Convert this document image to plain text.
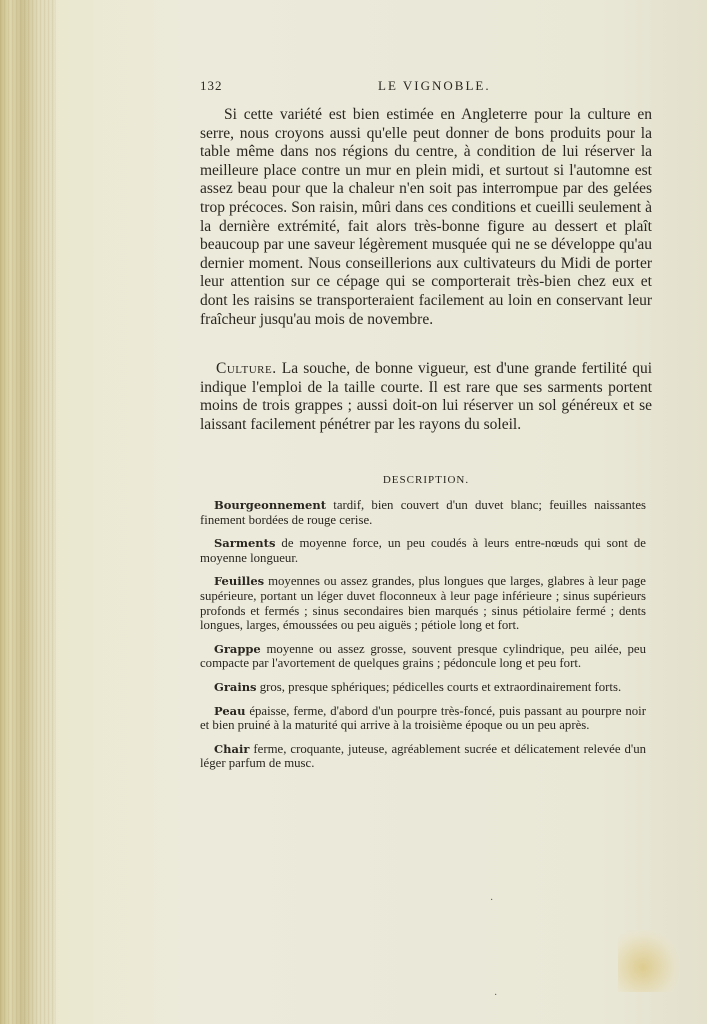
132	LE VIGNOBLE.

Si cette variété est bien estimée en Angleterre pour la culture en serre, nous croyons aussi qu'elle peut donner de bons produits pour la table même dans nos régions du centre, à condition de lui réserver la meilleure place contre un mur en plein midi, et surtout si l'automne est assez beau pour que la chaleur n'en soit pas interrompue par des gelées trop précoces. Son raisin, mûri dans ces conditions et cueilli seulement à la dernière extrémité, fait alors très-bonne figure au dessert et plaît beaucoup par une saveur légèrement musquée qui ne se développe qu'au dernier moment. Nous conseillerions aux cultivateurs du Midi de porter leur attention sur ce cépage qui se comporterait très-bien chez eux et dont les raisins se transporteraient facilement au loin en conservant leur fraîcheur jusqu'au mois de novembre.

Culture. La souche, de bonne vigueur, est d'une grande fertilité qui indique l'emploi de la taille courte. Il est rare que ses sarments portent moins de trois grappes ; aussi doit-on lui réserver un sol généreux et se laissant facilement pénétrer par les rayons du soleil.

DESCRIPTION.

Bourgeonnement tardif, bien couvert d'un duvet blanc; feuilles naissantes finement bordées de rouge cerise.

Sarments de moyenne force, un peu coudés à leurs entre-nœuds qui sont de moyenne longueur.

Feuilles moyennes ou assez grandes, plus longues que larges, glabres à leur page supérieure, portant un léger duvet floconneux à leur page inférieure ; sinus supérieurs profonds et fermés ; sinus secondaires bien marqués ; sinus pétiolaire fermé ; dents longues, larges, émoussées ou peu aiguës ; pétiole long et fort.

Grappe moyenne ou assez grosse, souvent presque cylindrique, peu ailée, peu compacte par l'avortement de quelques grains ; pédoncule long et peu fort.

Grains gros, presque sphériques; pédicelles courts et extraordinairement forts.

Peau épaisse, ferme, d'abord d'un pourpre très-foncé, puis passant au pourpre noir et bien pruiné à la maturité qui arrive à la troisième époque ou un peu après.

Chair ferme, croquante, juteuse, agréablement sucrée et délicatement relevée d'un léger parfum de musc.

·
·
